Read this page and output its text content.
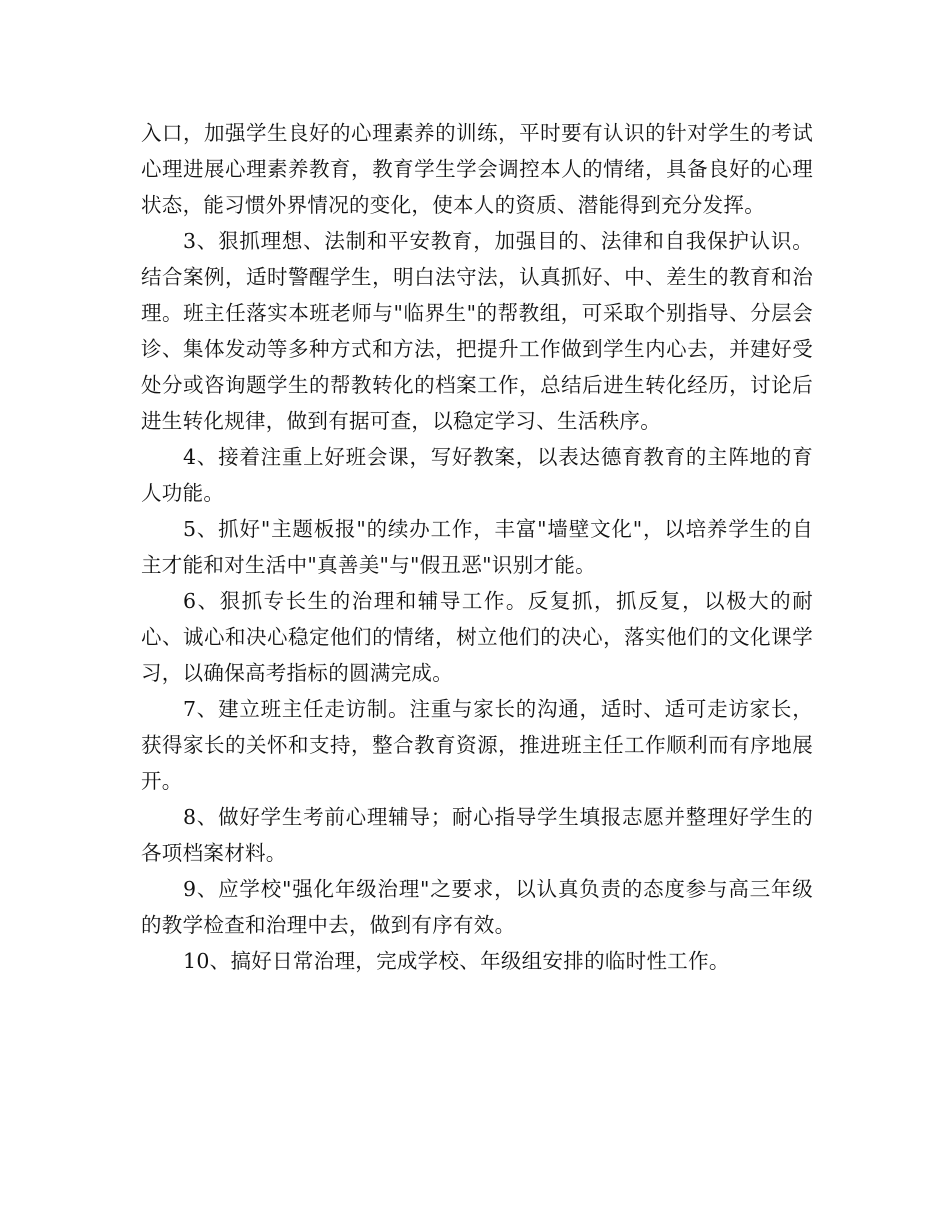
入口，加强学生良好的心理素养的训练，平时要有认识的针对学生的考试心理进展心理素养教育，教育学生学会调控本人的情绪，具备良好的心理状态，能习惯外界情况的变化，使本人的资质、潜能得到充分发挥。

3、狠抓理想、法制和平安教育，加强目的、法律和自我保护认识。结合案例，适时警醒学生，明白法守法，认真抓好、中、差生的教育和治理。班主任落实本班老师与"临界生"的帮教组，可采取个别指导、分层会诊、集体发动等多种方式和方法，把提升工作做到学生内心去，并建好受处分或咨询题学生的帮教转化的档案工作，总结后进生转化经历，讨论后进生转化规律，做到有据可查，以稳定学习、生活秩序。

4、接着注重上好班会课，写好教案，以表达德育教育的主阵地的育人功能。

5、抓好"主题板报"的续办工作，丰富"墙壁文化"，以培养学生的自主才能和对生活中"真善美"与"假丑恶"识别才能。

6、狠抓专长生的治理和辅导工作。反复抓，抓反复，以极大的耐心、诚心和决心稳定他们的情绪，树立他们的决心，落实他们的文化课学习，以确保高考指标的圆满完成。

7、建立班主任走访制。注重与家长的沟通，适时、适可走访家长，获得家长的关怀和支持，整合教育资源，推进班主任工作顺利而有序地展开。

8、做好学生考前心理辅导；耐心指导学生填报志愿并整理好学生的各项档案材料。

9、应学校"强化年级治理"之要求，以认真负责的态度参与高三年级的教学检查和治理中去，做到有序有效。

10、搞好日常治理，完成学校、年级组安排的临时性工作。
